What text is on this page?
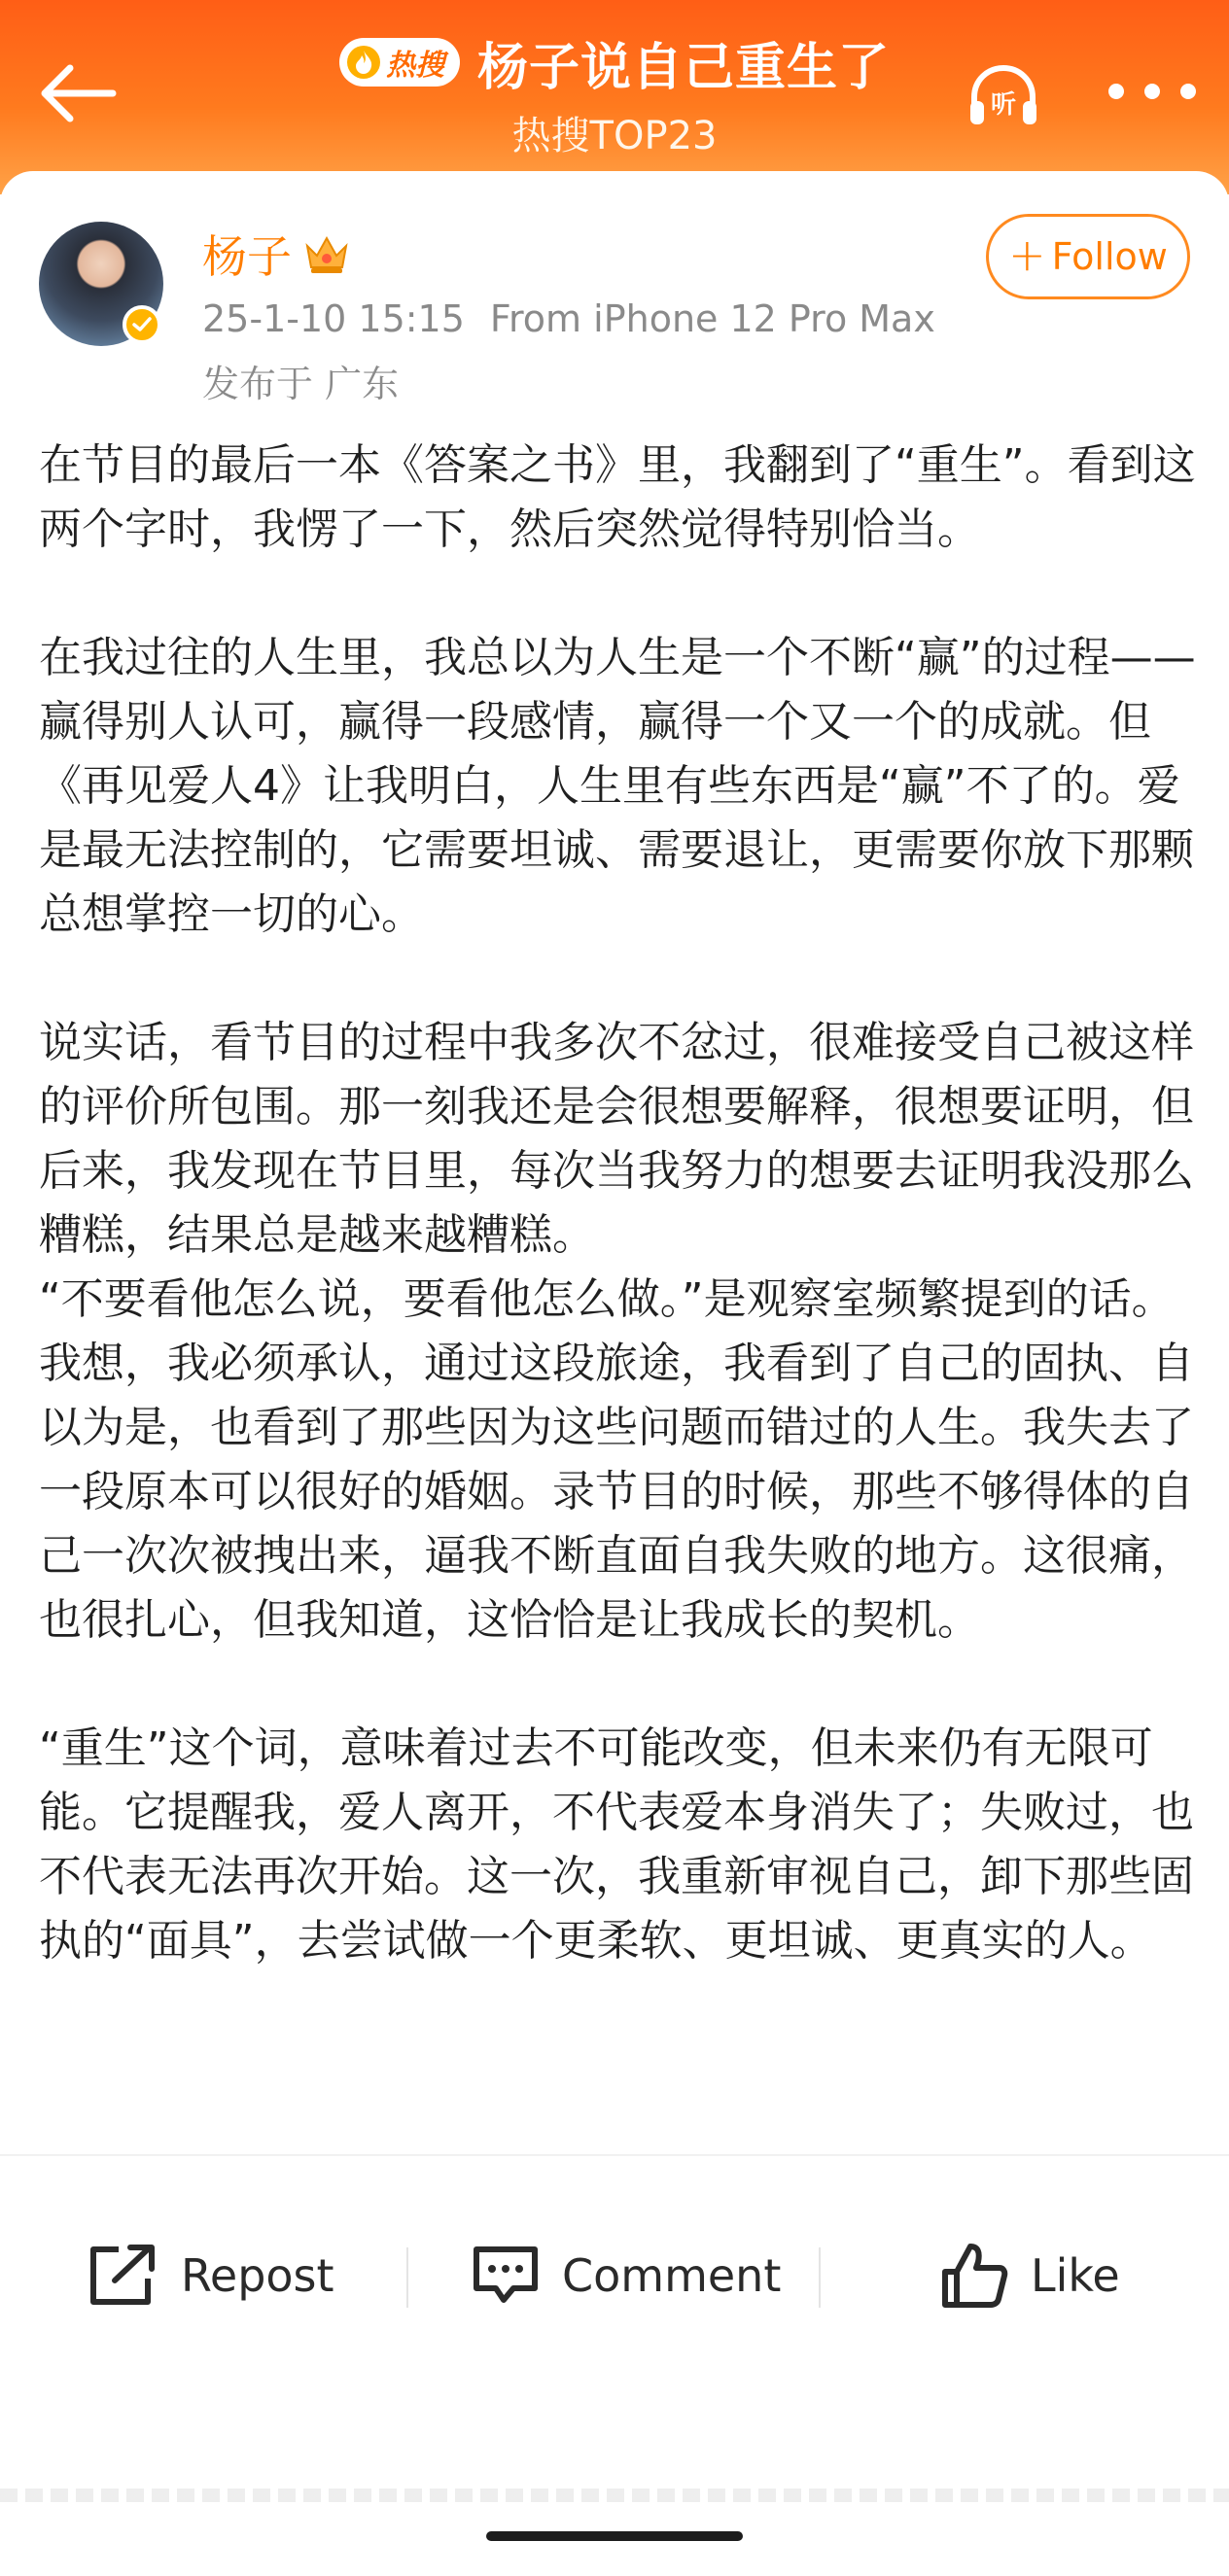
热搜 杨子说自己重生了
热搜TOP23
听
杨子
25-1-10 15:15 From iPhone 12 Pro Max
发布于 广东
+ Follow

在节目的最后一本《答案之书》里，我翻到了“重生”。看到这两个字时，我愣了一下，然后突然觉得特别恰当。

在我过往的人生里，我总以为人生是一个不断“赢”的过程——赢得别人认可，赢得一段感情，赢得一个又一个的成就。但《再见爱人4》让我明白，人生里有些东西是“赢”不了的。爱是最无法控制的，它需要坦诚、需要退让，更需要你放下那颗总想掌控一切的心。

说实话，看节目的过程中我多次不忿过，很难接受自己被这样的评价所包围。那一刻我还是会很想要解释，很想要证明，但后来，我发现在节目里，每次当我努力的想要去证明我没那么糟糕，结果总是越来越糟糕。

“不要看他怎么说，要看他怎么做。”是观察室频繁提到的话。

我想，我必须承认，通过这段旅途，我看到了自己的固执、自以为是，也看到了那些因为这些问题而错过的人生。我失去了一段原本可以很好的婚姻。录节目的时候，那些不够得体的自己一次次被拽出来，逼我不断直面自我失败的地方。这很痛，也很扎心，但我知道，这恰恰是让我成长的契机。

“重生”这个词，意味着过去不可能改变，但未来仍有无限可能。它提醒我，爱人离开，不代表爱本身消失了；失败过，也不代表无法再次开始。这一次，我重新审视自己，卸下那些固执的“面具”，去尝试做一个更柔软、更坦诚、更真实的人。

Repost	Comment	Like
